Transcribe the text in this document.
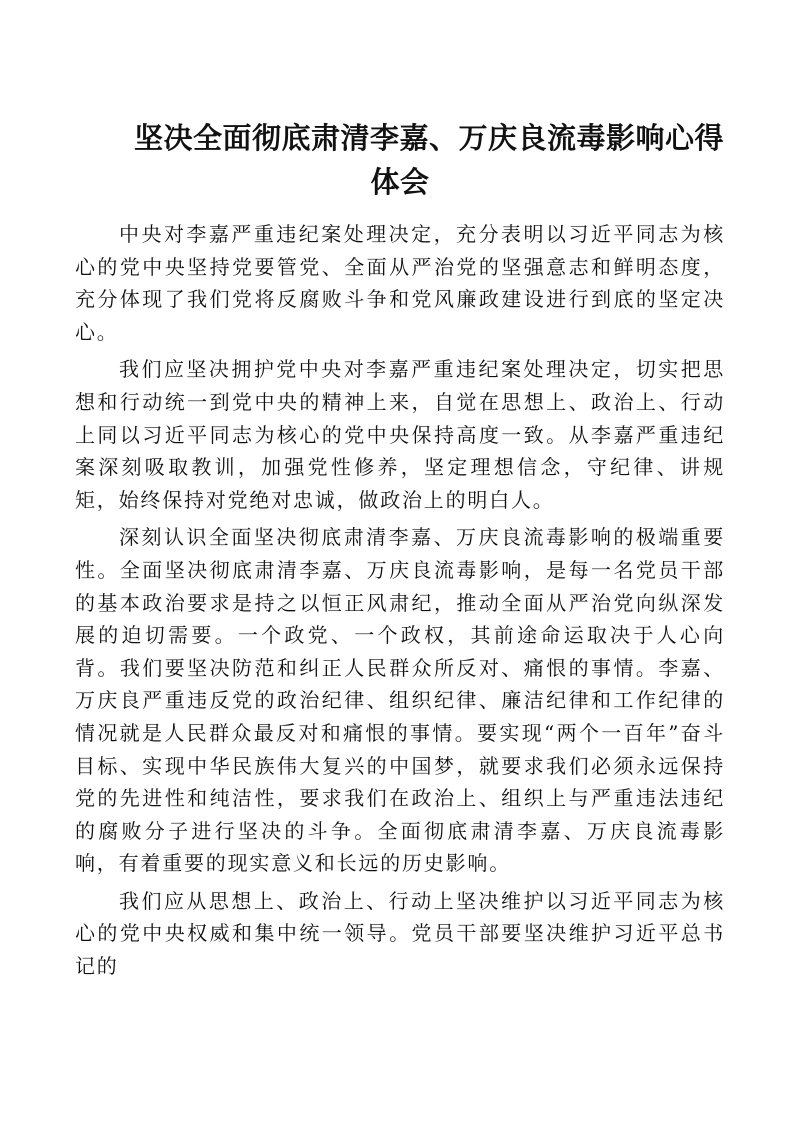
坚决全面彻底肃清李嘉、万庆良流毒影响心得体会

中央对李嘉严重违纪案处理决定，充分表明以习近平同志为核心的党中央坚持党要管党、全面从严治党的坚强意志和鲜明态度，充分体现了我们党将反腐败斗争和党风廉政建设进行到底的坚定决心。

我们应坚决拥护党中央对李嘉严重违纪案处理决定，切实把思想和行动统一到党中央的精神上来，自觉在思想上、政治上、行动上同以习近平同志为核心的党中央保持高度一致。从李嘉严重违纪案深刻吸取教训，加强党性修养，坚定理想信念，守纪律、讲规矩，始终保持对党绝对忠诚，做政治上的明白人。

深刻认识全面坚决彻底肃清李嘉、万庆良流毒影响的极端重要性。全面坚决彻底肃清李嘉、万庆良流毒影响，是每一名党员干部的基本政治要求是持之以恒正风肃纪，推动全面从严治党向纵深发展的迫切需要。一个政党、一个政权，其前途命运取决于人心向背。我们要坚决防范和纠正人民群众所反对、痛恨的事情。李嘉、万庆良严重违反党的政治纪律、组织纪律、廉洁纪律和工作纪律的情况就是人民群众最反对和痛恨的事情。要实现“两个一百年”奋斗目标、实现中华民族伟大复兴的中国梦，就要求我们必须永远保持党的先进性和纯洁性，要求我们在政治上、组织上与严重违法违纪的腐败分子进行坚决的斗争。全面彻底肃清李嘉、万庆良流毒影响，有着重要的现实意义和长远的历史影响。

我们应从思想上、政治上、行动上坚决维护以习近平同志为核心的党中央权威和集中统一领导。党员干部要坚决维护习近平总书记的
